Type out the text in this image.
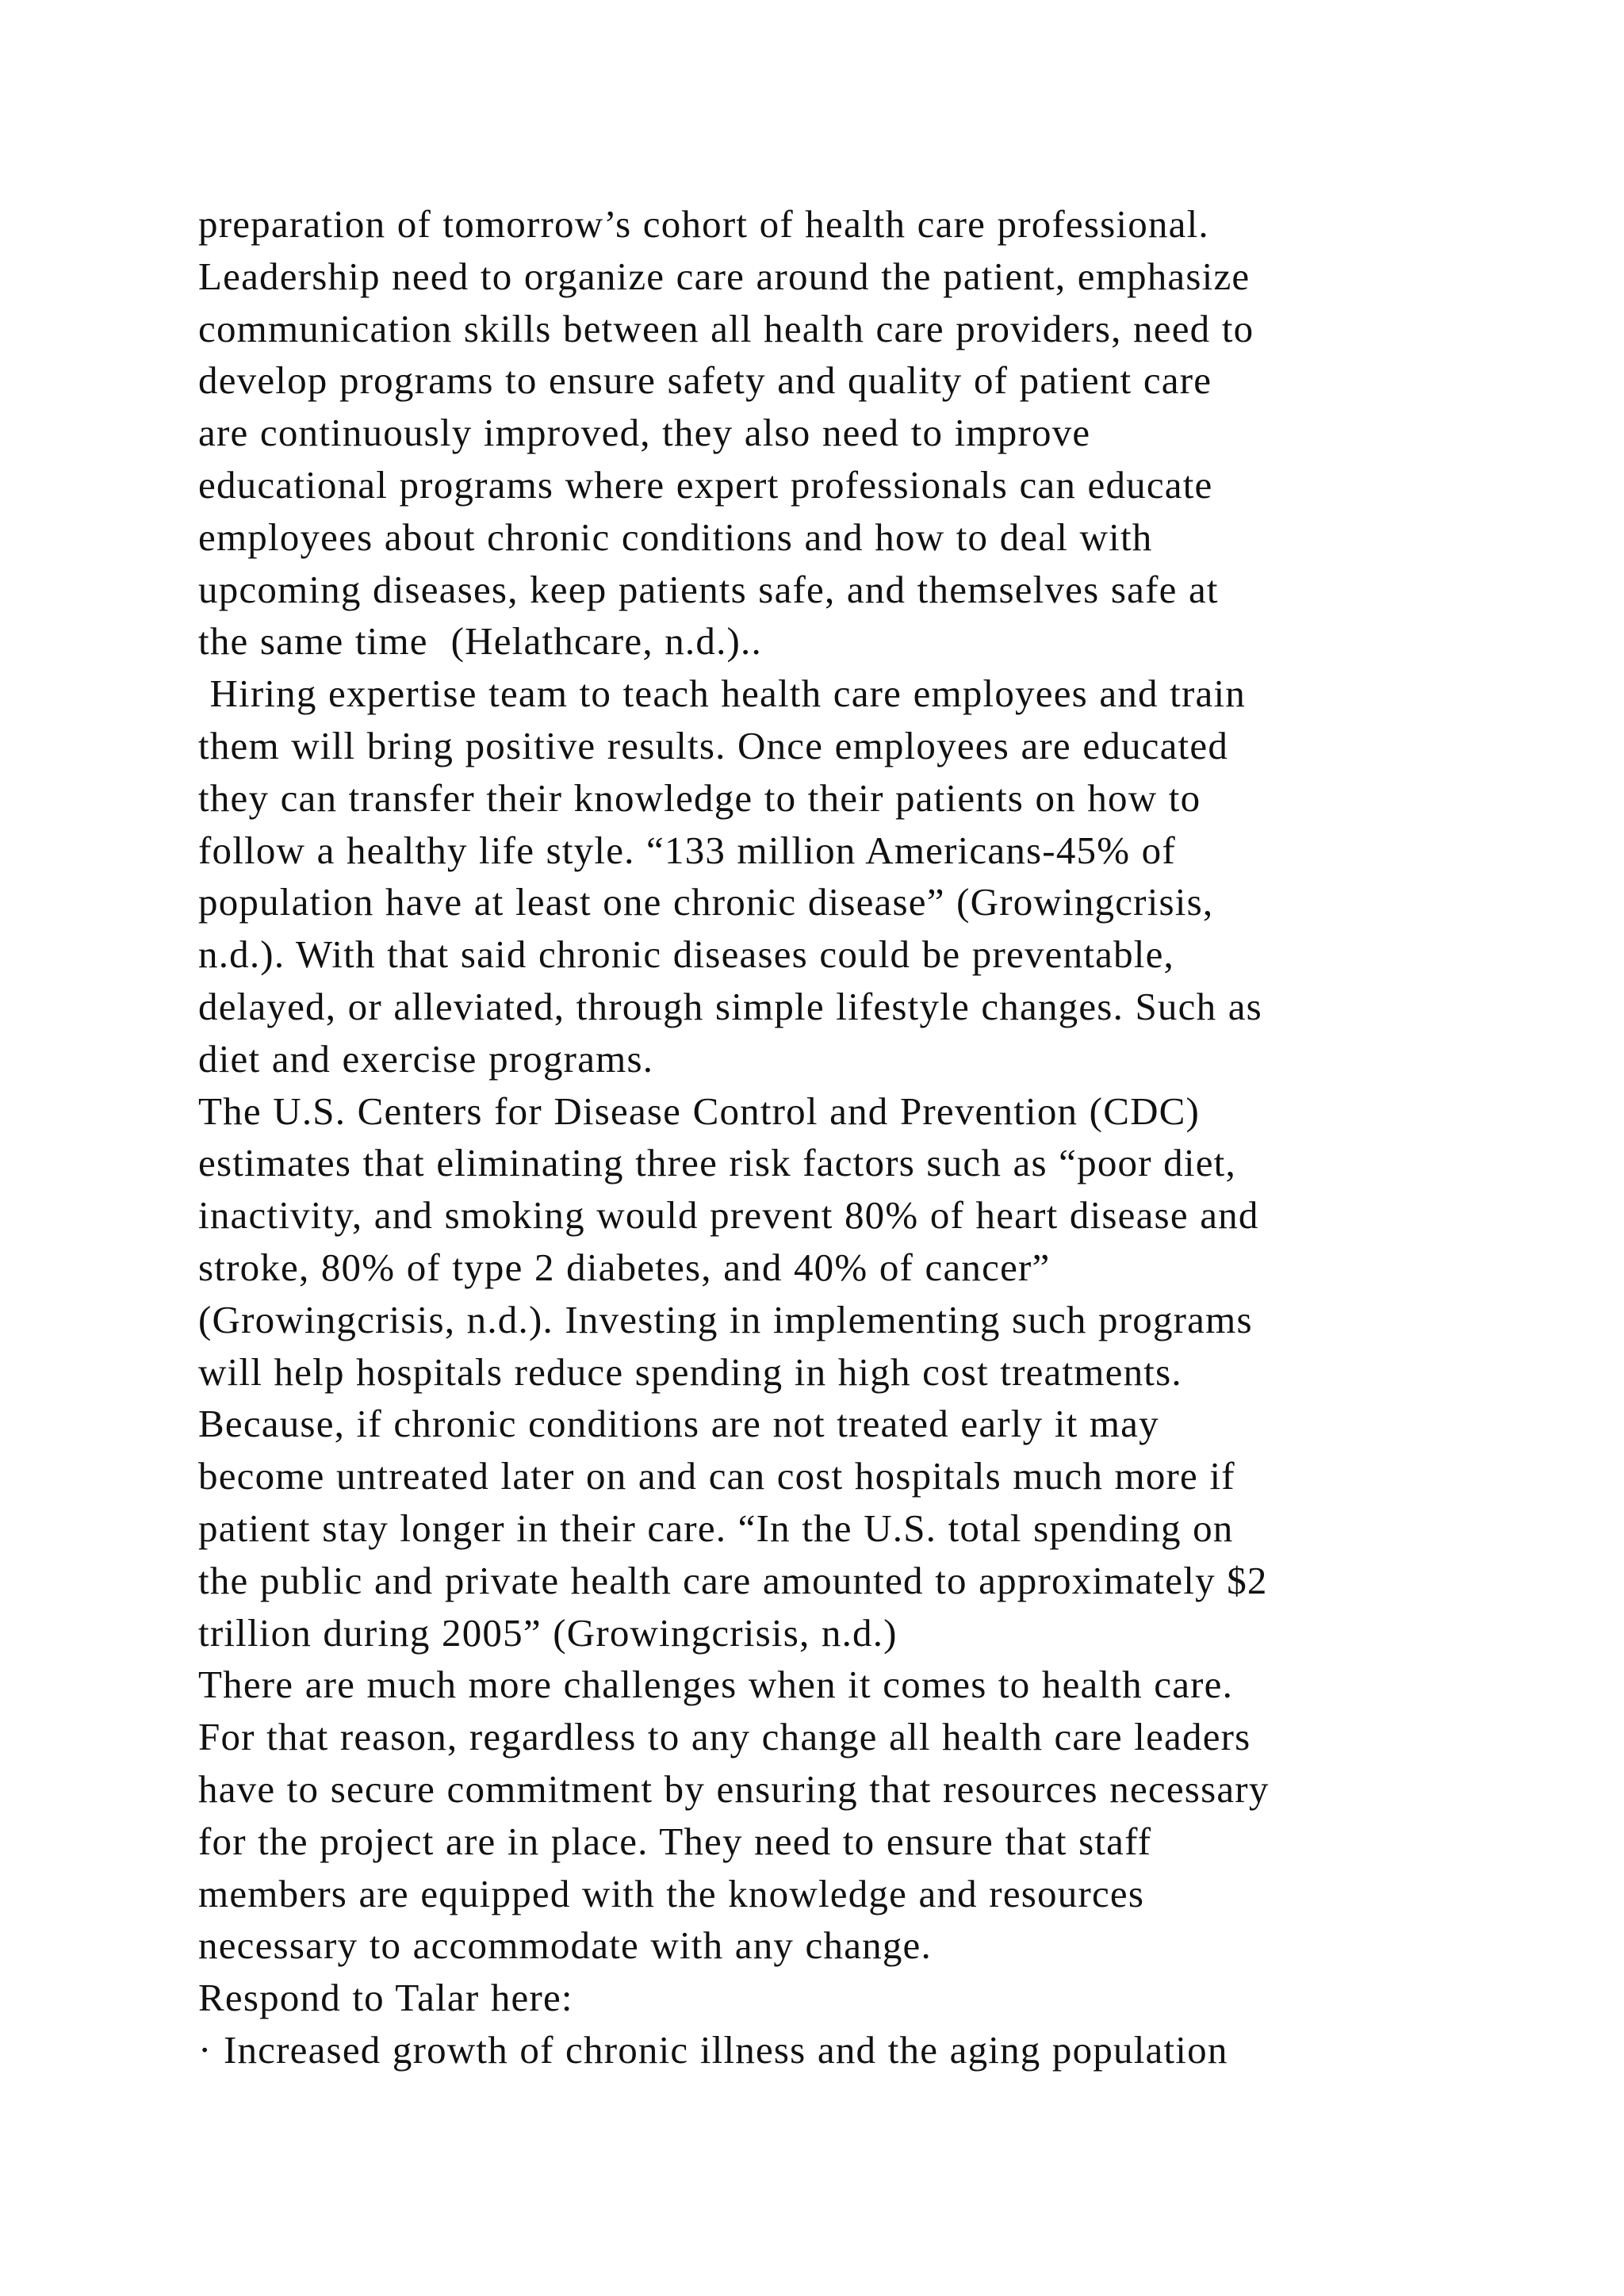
preparation of tomorrow’s cohort of health care professional.
Leadership need to organize care around the patient, emphasize
communication skills between all health care providers, need to
develop programs to ensure safety and quality of patient care
are continuously improved, they also need to improve
educational programs where expert professionals can educate
employees about chronic conditions and how to deal with
upcoming diseases, keep patients safe, and themselves safe at
the same time  (Helathcare, n.d.)..
Hiring expertise team to teach health care employees and train
them will bring positive results. Once employees are educated
they can transfer their knowledge to their patients on how to
follow a healthy life style. “133 million Americans-45% of
population have at least one chronic disease” (Growingcrisis,
n.d.). With that said chronic diseases could be preventable,
delayed, or alleviated, through simple lifestyle changes. Such as
diet and exercise programs.
The U.S. Centers for Disease Control and Prevention (CDC)
estimates that eliminating three risk factors such as “poor diet,
inactivity, and smoking would prevent 80% of heart disease and
stroke, 80% of type 2 diabetes, and 40% of cancer”
(Growingcrisis, n.d.). Investing in implementing such programs
will help hospitals reduce spending in high cost treatments.
Because, if chronic conditions are not treated early it may
become untreated later on and can cost hospitals much more if
patient stay longer in their care. “In the U.S. total spending on
the public and private health care amounted to approximately $2
trillion during 2005” (Growingcrisis, n.d.)
There are much more challenges when it comes to health care.
For that reason, regardless to any change all health care leaders
have to secure commitment by ensuring that resources necessary
for the project are in place. They need to ensure that staff
members are equipped with the knowledge and resources
necessary to accommodate with any change.
Respond to Talar here:
· Increased growth of chronic illness and the aging population
